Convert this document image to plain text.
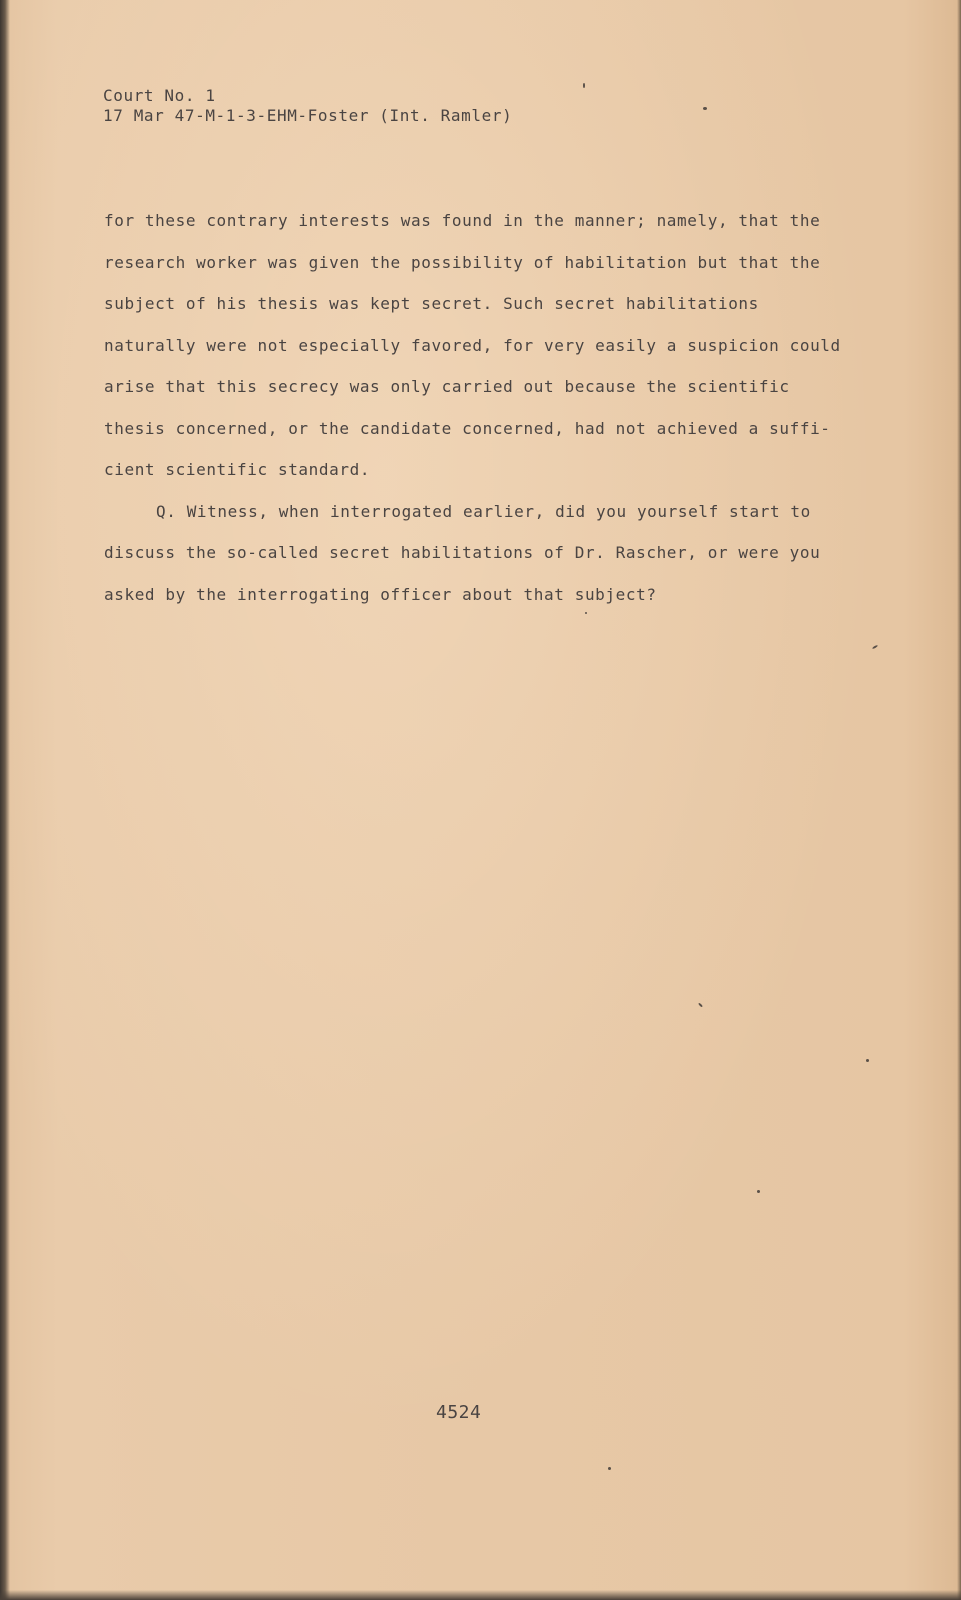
Court No. 1
17 Mar 47-M-1-3-EHM-Foster (Int. Ramler)
for these contrary interests was found in the manner; namely, that the
research worker was given the possibility of habilitation but that the
subject of his thesis was kept secret. Such secret habilitations
naturally were not especially favored, for very easily a suspicion could
arise that this secrecy was only carried out because the scientific
thesis concerned, or the candidate concerned, had not achieved a suffi-
cient scientific standard.
Q. Witness, when interrogated earlier, did you yourself start to
discuss the so-called secret habilitations of Dr. Rascher, or were you
asked by the interrogating officer about that subject?
4524
